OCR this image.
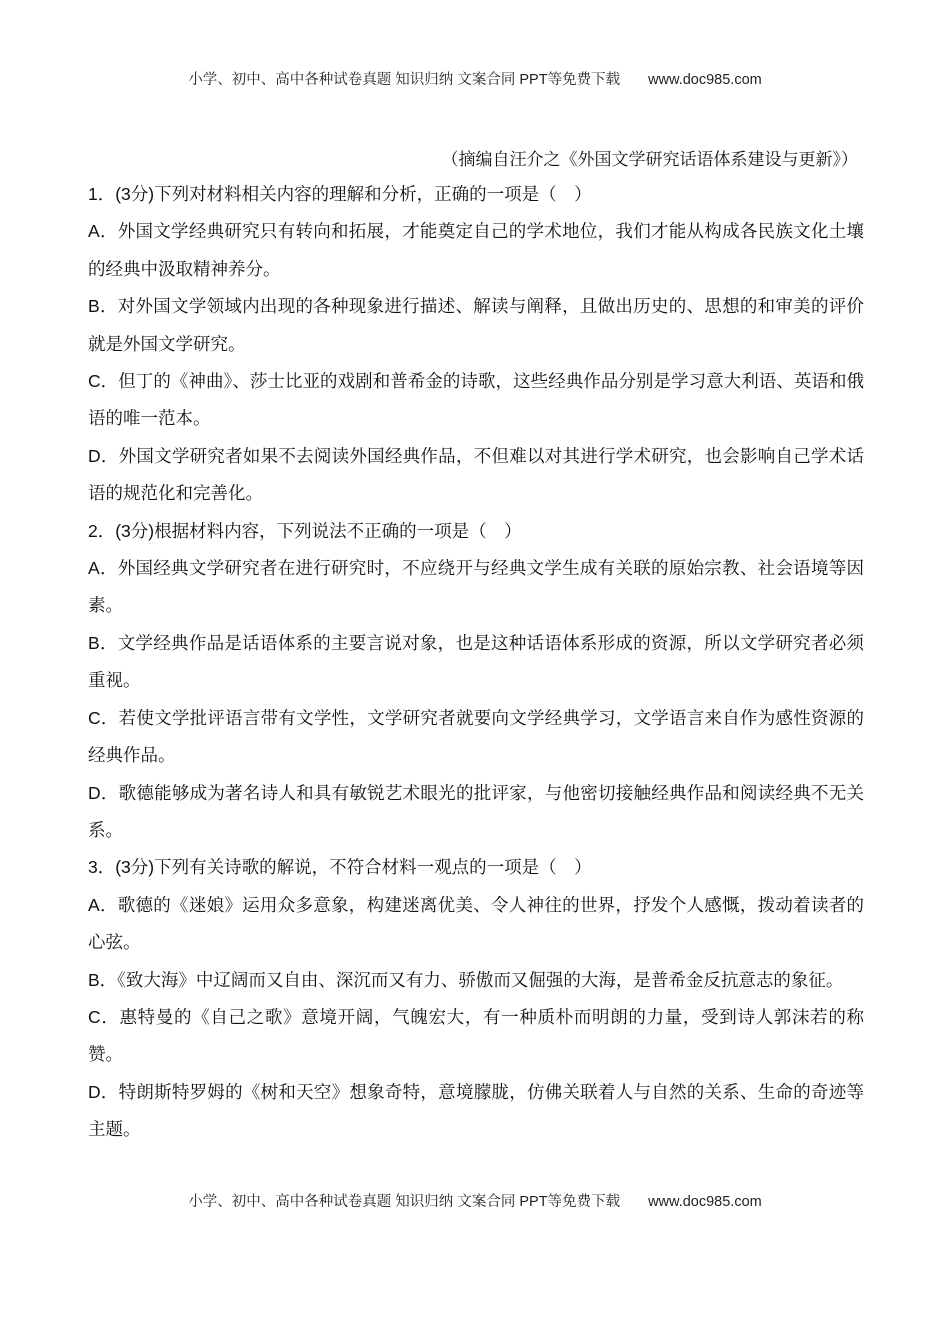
小学、初中、高中各种试卷真题 知识归纳 文案合同 PPT等免费下载 www.doc985.com
（摘编自汪介之《外国文学研究话语体系建设与更新》）

1．(3分)下列对材料相关内容的理解和分析，正确的一项是（　）

A．外国文学经典研究只有转向和拓展，才能奠定自己的学术地位，我们才能从构成各民族文化土壤的经典中汲取精神养分。

B．对外国文学领域内出现的各种现象进行描述、解读与阐释，且做出历史的、思想的和审美的评价就是外国文学研究。

C．但丁的《神曲》、莎士比亚的戏剧和普希金的诗歌，这些经典作品分别是学习意大利语、英语和俄语的唯一范本。

D．外国文学研究者如果不去阅读外国经典作品，不但难以对其进行学术研究，也会影响自己学术话语的规范化和完善化。

2．(3分)根据材料内容，下列说法不正确的一项是（　）

A．外国经典文学研究者在进行研究时，不应绕开与经典文学生成有关联的原始宗教、社会语境等因素。

B．文学经典作品是话语体系的主要言说对象，也是这种话语体系形成的资源，所以文学研究者必须重视。

C．若使文学批评语言带有文学性，文学研究者就要向文学经典学习，文学语言来自作为感性资源的经典作品。

D．歌德能够成为著名诗人和具有敏锐艺术眼光的批评家，与他密切接触经典作品和阅读经典不无关系。

3．(3分)下列有关诗歌的解说，不符合材料一观点的一项是（　）

A．歌德的《迷娘》运用众多意象，构建迷离优美、令人神往的世界，抒发个人感慨，拨动着读者的心弦。

B．《致大海》中辽阔而又自由、深沉而又有力、骄傲而又倔强的大海，是普希金反抗意志的象征。

C．惠特曼的《自己之歌》意境开阔，气魄宏大，有一种质朴而明朗的力量，受到诗人郭沫若的称赞。

D．特朗斯特罗姆的《树和天空》想象奇特，意境朦胧，仿佛关联着人与自然的关系、生命的奇迹等主题。

小学、初中、高中各种试卷真题 知识归纳 文案合同 PPT等免费下载 www.doc985.com
